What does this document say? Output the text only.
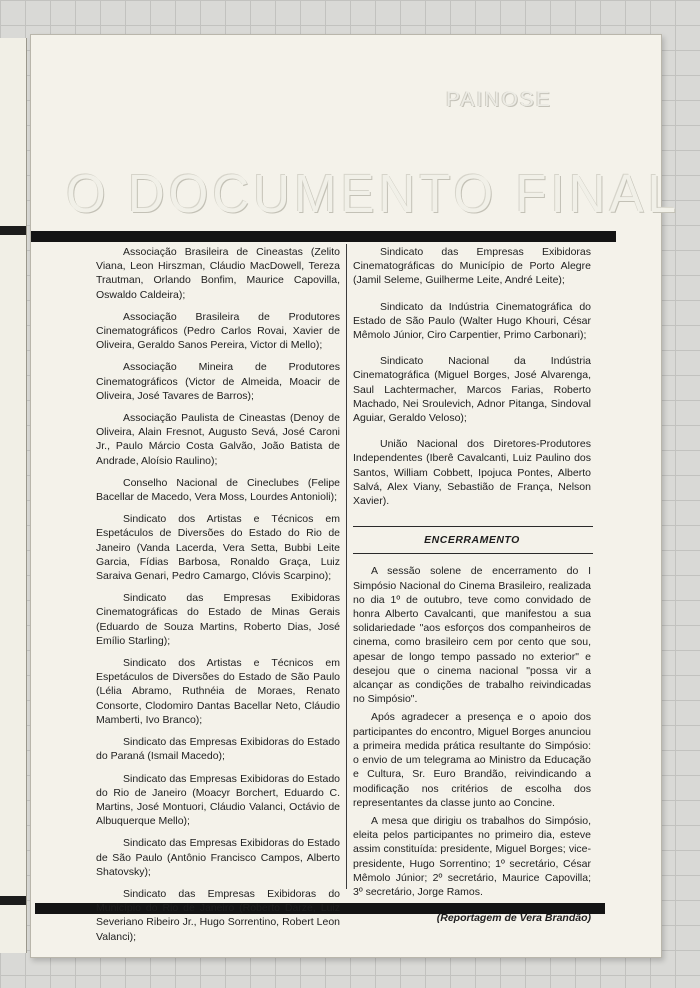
PAINOSE
O DOCUMENTO FINAL

Associação Brasileira de Cineastas (Zelito Viana, Leon Hirszman, Cláudio MacDowell, Tereza Trautman, Orlando Bonfim, Maurice Capovilla, Oswaldo Caldeira);

Associação Brasileira de Produtores Cinematográficos (Pedro Carlos Rovai, Xavier de Oliveira, Geraldo Sanos Pereira, Victor di Mello);

Associação Mineira de Produtores Cinematográficos (Victor de Almeida, Moacir de Oliveira, José Tavares de Barros);

Associação Paulista de Cineastas (Denoy de Oliveira, Alain Fresnot, Augusto Sevá, José Caroni Jr., Paulo Márcio Costa Galvão, João Batista de Andrade, Aloísio Raulino);

Conselho Nacional de Cineclubes (Felipe Bacellar de Macedo, Vera Moss, Lourdes Antonioli);

Sindicato dos Artistas e Técnicos em Espetáculos de Diversões do Estado do Rio de Janeiro (Vanda Lacerda, Vera Setta, Bubbi Leite Garcia, Fídias Barbosa, Ronaldo Graça, Luiz Saraiva Genari, Pedro Camargo, Clóvis Scarpino);

Sindicato das Empresas Exibidoras Cinematográficas do Estado de Minas Gerais (Eduardo de Souza Martins, Roberto Dias, José Emílio Starling);

Sindicato dos Artistas e Técnicos em Espetáculos de Diversões do Estado de São Paulo (Lélia Abramo, Ruthnéia de Moraes, Renato Consorte, Clodomiro Dantas Bacellar Neto, Cláudio Mamberti, Ivo Branco);

Sindicato das Empresas Exibidoras do Estado do Paraná (Ismail Macedo);

Sindicato das Empresas Exibidoras do Estado do Rio de Janeiro (Moacyr Borchert, Eduardo C. Martins, José Montuori, Cláudio Valanci, Octávio de Albuquerque Mello);

Sindicato das Empresas Exibidoras do Estado de São Paulo (Antônio Francisco Campos, Alberto Shatovsky);

Sindicato das Empresas Exibidoras do Município do Rio de Janeiro (Roberto Darze, Luiz Severiano Ribeiro Jr., Hugo Sorrentino, Robert Leon Valanci);

Sindicato das Empresas Exibidoras Cinematográficas do Município de Porto Alegre (Jamil Seleme, Guilherme Leite, André Leite);

Sindicato da Indústria Cinematográfica do Estado de São Paulo (Walter Hugo Khouri, César Mêmolo Júnior, Ciro Carpentier, Primo Carbonari);

Sindicato Nacional da Indústria Cinematográfica (Miguel Borges, José Alvarenga, Saul Lachtermacher, Marcos Farias, Roberto Machado, Nei Sroulevich, Adnor Pitanga, Sindoval Aguiar, Geraldo Veloso);

União Nacional dos Diretores-Produtores Independentes (Iberê Cavalcanti, Luiz Paulino dos Santos, William Cobbett, Ipojuca Pontes, Alberto Salvá, Alex Viany, Sebastião de França, Nelson Xavier).

ENCERRAMENTO

A sessão solene de encerramento do I Simpósio Nacional do Cinema Brasileiro, realizada no dia 1º de outubro, teve como convidado de honra Alberto Cavalcanti, que manifestou a sua solidariedade "aos esforços dos companheiros de cinema, como brasileiro cem por cento que sou, apesar de longo tempo passado no exterior" e desejou que o cinema nacional "possa vir a alcançar as condições de trabalho reivindicadas no Simpósio".

Após agradecer a presença e o apoio dos participantes do encontro, Miguel Borges anunciou a primeira medida prática resultante do Simpósio: o envio de um telegrama ao Ministro da Educação e Cultura, Sr. Euro Brandão, reivindicando a modificação nos critérios de escolha dos representantes da classe junto ao Concine.

A mesa que dirigiu os trabalhos do Simpósio, eleita pelos participantes no primeiro dia, esteve assim constituída: presidente, Miguel Borges; vice-presidente, Hugo Sorrentino; 1º secretário, César Mêmolo Júnior; 2º secretário, Maurice Capovilla; 3º secretário, Jorge Ramos.

(Reportagem de Vera Brandão)
